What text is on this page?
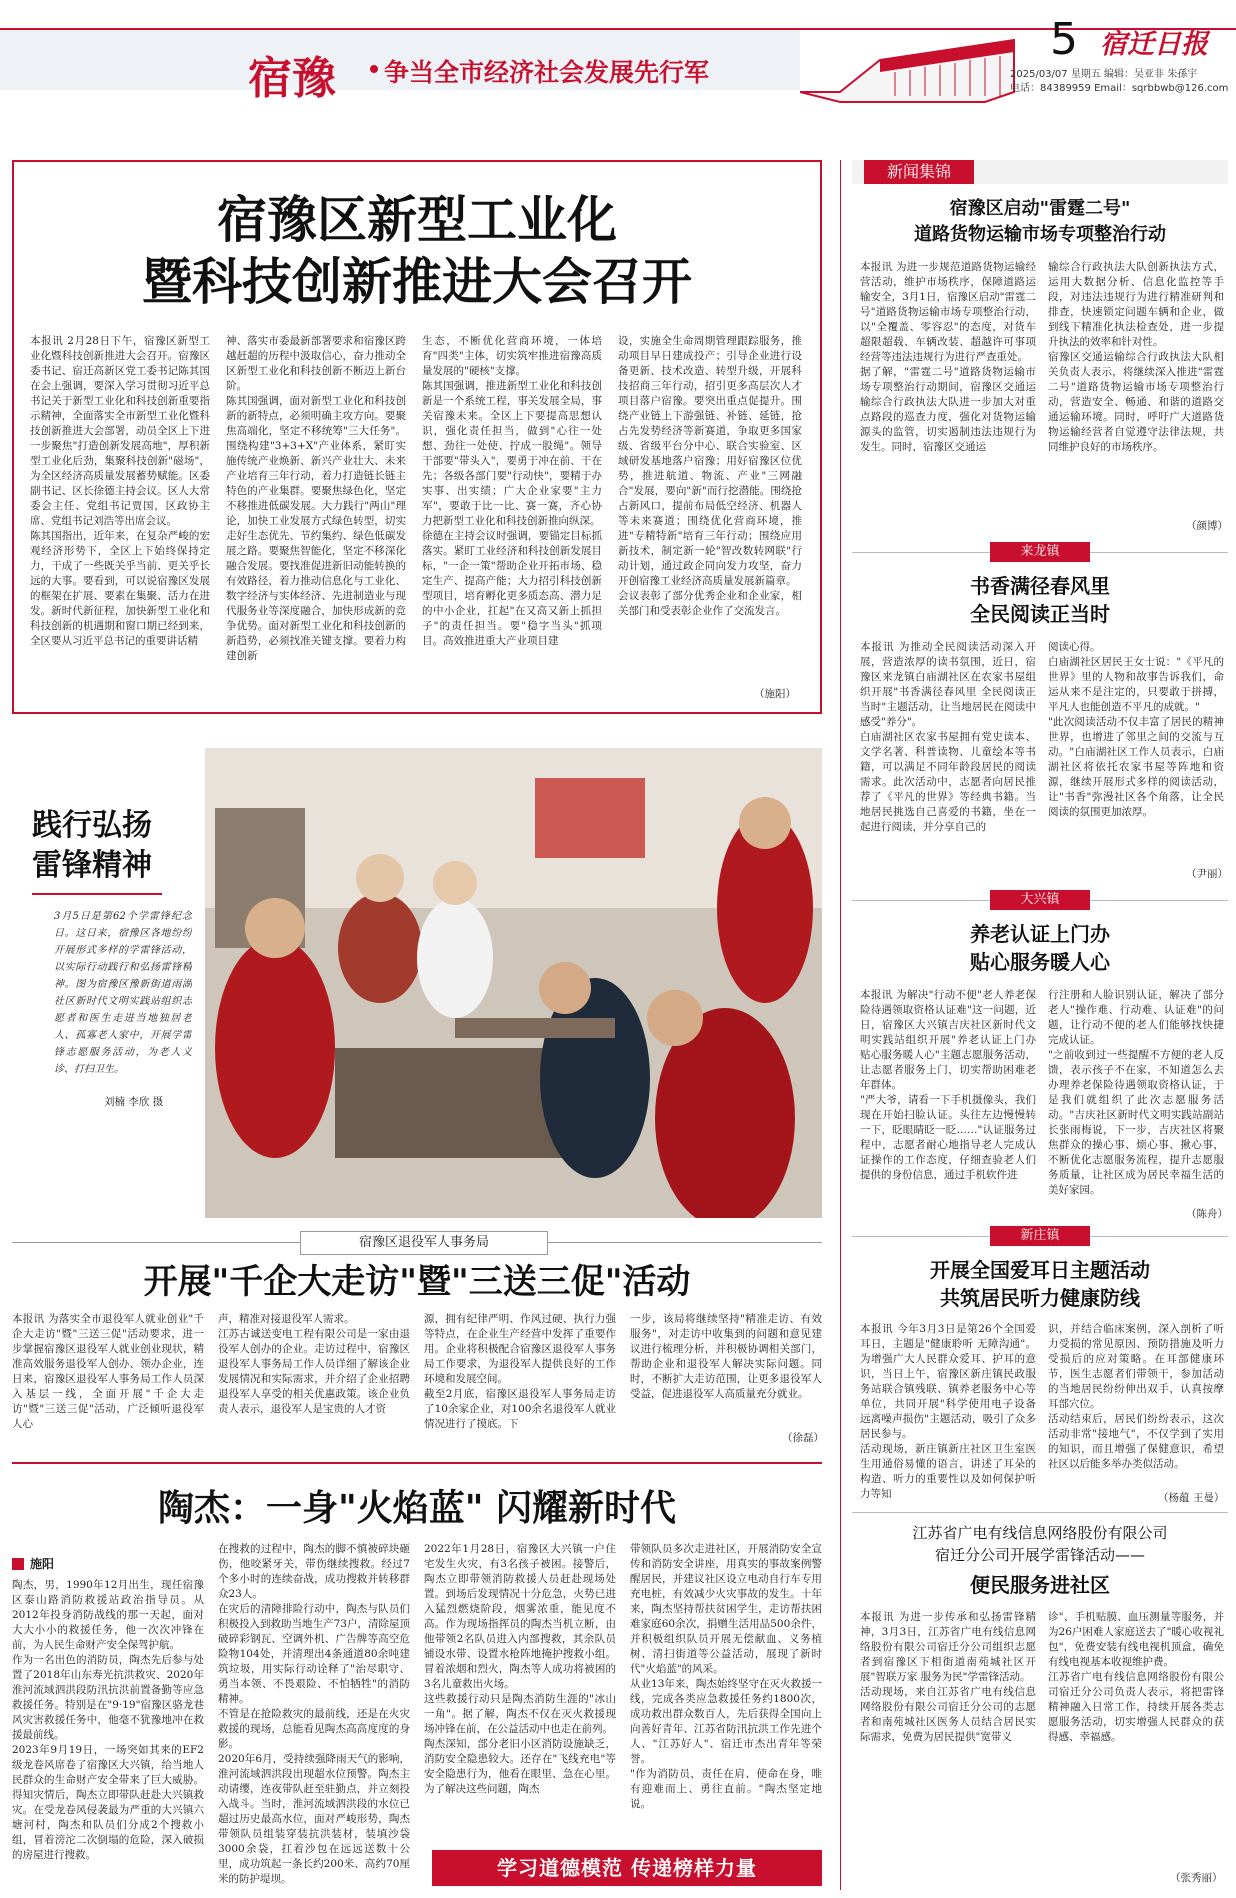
宿豫 争当全市经济社会发展先行军
5 宿迁日报
2025/03/07 星期五 编辑：吴亚非 朱孫宇
电话：84389959 Email：sqrbbwb@126.com
宿豫区新型工业化
暨科技创新推进大会召开
本报讯 2月28日下午，宿豫区新型工业化暨科技创新推进大会召开。宿豫区委书记、宿迁高新区党工委书记陈其国在会上强调，要深入学习贯彻习近平总书记关于新型工业化和科技创新重要指示精神，全面落实全市新型工业化暨科技创新推进大会部署，动员全区上下进一步聚焦"打造创新发展高地"，厚积新型工业化后劲，集聚科技创新"磁场"，为全区经济高质量发展蓄势赋能。区委副书记、区长徐德主持会议。区人大常委会主任、党组书记贾国，区政协主席、党组书记刘浩等出席会议。
陈其国指出，近年来，在复杂严峻的宏观经济形势下，全区上下始终保持定力，干成了一些既关乎当前、更关乎长远的大事。要看到，可以说宿豫区发展的框架在扩展、要素在集聚、活力在进发。新时代新征程，加快新型工业化和科技创新的机遇期和窗口期已经到来，全区要从习近平总书记的重要讲话精
神、落实市委最新部署要求和宿豫区跨越赶超的历程中汲取信心，奋力推动全区新型工业化和科技创新不断迈上新台阶。
陈其国强调，面对新型工业化和科技创新的新特点，必须明确主攻方向。要聚焦高端化，坚定不移统筹"三大任务"。围绕构建"3+3+X"产业体系，紧盯实施传统产业焕新、新兴产业壮大、未来产业培育三年行动，着力打造链长链主特色的产业集群。要聚焦绿色化，坚定不移推进低碳发展。大力践行"两山"理论，加快工业发展方式绿色转型，切实走好生态优先、节约集约、绿色低碳发展之路。要聚焦智能化，坚定不移深化融合发展。要找准促进新旧动能转换的有效路径，着力推动信息化与工业化、数字经济与实体经济、先进制造业与现代服务业等深度融合，加快形成新的竞争优势。面对新型工业化和科技创新的新趋势，必须找准关键支撑。要着力构建创新
生态，不断优化营商环境，一体培育"四类"主体，切实筑牢推进宿豫高质量发展的"硬核"支撑。
陈其国强调，推进新型工业化和科技创新是一个系统工程，事关发展全局，事关宿豫未来。全区上下要提高思想认识，强化责任担当，做到"心往一处想、劲往一处使、拧成一股绳"。领导干部要"带头入"，要勇于冲在前、干在先；各级各部门要"行动快"，要精于办实事、出实绩；广大企业家要"主力军"，要敢于比一比、赛一赛，齐心协力把新型工业化和科技创新推向纵深。
徐德在主持会议时强调，要锚定目标抓落实。紧盯工业经济和科技创新发展目标，"一企一策"帮助企业开拓市场、稳定生产、提高产能；大力招引科技创新型项目，培育孵化更多质态高、潜力足的中小企业，扛起"在又高又新上抓担子"的责任担当。要"稳字当头"抓项目。高效推进重大产业项目建
设，实施全生命周期管理跟踪服务，推动项目早日建成投产；引导企业进行设备更新、技术改造、转型升级，开展科技招商三年行动，招引更多高层次人才项目落户宿豫。要突出重点促提升。围绕产业链上下游强链、补链、延链，抢占先发势经济等新赛道，争取更多国家级、省级平台分中心、联合实验室、区域研发基地落户宿豫；用好宿豫区位优势，推进航道、物流、产业"三网融合"发展，要向"新"而行挖潜能。围绕抢占新风口，提前布局低空经济、机器人等未来赛道；围绕优化营商环境，推进"专精特新"培育三年行动；围绕应用新技术，制定新一轮"智改数转网联"行动计划，通过政企同向发力攻坚，奋力开创宿豫工业经济高质量发展新篇章。
会议表彰了部分优秀企业和企业家，相关部门和受表彰企业作了交流发言。
（施阳）
践行弘扬
雷锋精神
3月5日是第62个学雷锋纪念日。这日来，宿豫区各地纷纷开展形式多样的学雷锋活动，以实际行动践行和弘扬雷锋精神。图为宿豫区豫新街道雨湖社区新时代文明实践站组织志愿者和医生走进当地独居老人、孤寡老人家中，开展学雷锋志愿服务活动，为老人义诊、打扫卫生。
刘楠 李欣 摄
宿豫区退役军人事务局
开展"千企大走访"暨"三送三促"活动
本报讯 为落实全市退役军人就业创业"千企大走访"暨"三送三促"活动要求，进一步掌握宿豫区退役军人就业创业现状，精准高效服务退役军人创办、领办企业，连日来，宿豫区退役军人事务局工作人员深入基层一线，全面开展"千企大走访"暨"三送三促"活动，广泛倾听退役军人心
声，精准对接退役军人需求。
江苏古诚送变电工程有限公司是一家由退役军人创办的企业。走访过程中，宿豫区退役军人事务局工作人员详细了解该企业发展情况和实际需求，并介绍了企业招聘退役军人享受的相关优惠政策。该企业负责人表示，退役军人是宝贵的人才资
源，拥有纪律严明、作风过硬、执行力强等特点，在企业生产经营中发挥了重要作用。企业将积极配合宿豫区退役军人事务局工作要求，为退役军人提供良好的工作环境和发展空间。
截至2月底，宿豫区退役军人事务局走访了10余家企业，对100余名退役军人就业情况进行了摸底。下
一步，该局将继续坚持"精准走访、有效服务"，对走访中收集到的问题和意见建议进行梳理分析，并积极协调相关部门，帮助企业和退役军人解决实际问题。同时，不断扩大走访范围，让更多退役军人受益，促进退役军人高质量充分就业。
（徐磊）
陶杰：一身"火焰蓝" 闪耀新时代
施阳
陶杰，男，1990年12月出生，现任宿豫区泰山路消防救援站政治指导员。从2012年投身消防战线的那一天起，面对大大小小的救援任务，他一次次冲锋在前，为人民生命财产安全保驾护航。
作为一名出色的消防员，陶杰先后参与处置了2018年山东寿光抗洪救灾、2020年淮河流域泗洪段防汛抗洪前置备勤等应急救援任务。特别是在"9·19"宿豫区骆龙巷风灾害救援任务中，他毫不犹豫地冲在救援最前线。
2023年9月19日，一场突如其来的EF2级龙卷风席卷了宿豫区大兴镇，给当地人民群众的生命财产安全带来了巨大威胁。得知灾情后，陶杰立即带队赶赴大兴镇救灾。在受龙卷风侵袭最为严重的大兴镇六塘河村，陶杰和队员们分成2个搜救小组，冒着滂沱二次倒塌的危险，深入破损的房屋进行搜救。
在搜救的过程中，陶杰的脚不慎被碎块砸伤，他咬紧牙关，带伤继续搜救。经过7个多小时的连续奋战，成功搜救并转移群众23人。
在灾后的清障排险行动中，陶杰与队员们积极投入到救助当地生产73户，清除屋顶破碎彩钢瓦、空调外机、广告牌等高空危险物104处，并清理出4条通道80余吨建筑垃圾，用实际行动诠释了"治尽职守、勇当本领、不畏艰险、不怕牺牲"的消防精神。
不管是在抢险救灾的最前线，还是在火灾救援的现场，总能看见陶杰高高度度的身影。
2020年6月，受持续强降雨天气的影响，淮河流域泗洪段出现超水位预警。陶杰主动请缨，连夜带队赶至驻勤点，并立刻投入战斗。当时，淮河流域泗洪段的水位已超过历史最高水位，面对严峻形势，陶杰带领队员组装穿装抗洪装材，装填沙袋3000余袋，扛着沙包在远远送数十公里，成功筑起一条长约200米、高约70厘米的防护堤坝。
2022年1月28日，宿豫区大兴镇一户住宅发生火灾，有3名孩子被困。接警后，陶杰立即带领消防救援人员赶赴现场处置。到场后发现情况十分危急，火势已进入猛烈燃烧阶段，烟雾浓重，能见度不高。作为现场指挥员的陶杰当机立断，由他带领2名队员进入内部搜救，其余队员铺设水带、设置水枪阵地掩护搜救小组。冒着浓烟和烈火，陶杰等人成功将被困的3名儿童救出火场。
这些救援行动只是陶杰消防生涯的"冰山一角"。据了解，陶杰不仅在灭火救援现场冲锋在前，在公益活动中也走在前列。
陶杰深知，部分老旧小区消防设施缺乏，消防安全隐患较大。还存在"飞线充电"等安全隐患行为，他看在眼里、急在心里。为了解决这些问题，陶杰
带领队员多次走进社区，开展消防安全宣传和消防安全讲座，用真实的事故案例警醒居民，并建议社区设立电动自行车专用充电桩，有效减少火灾事故的发生。十年来，陶杰坚持帮扶贫困学生，走访帮扶困难家庭60余次，捐赠生活用品500余件，并积极组织队员开展无偿献血、义务植树、清扫街道等公益活动，展现了新时代"火焰蓝"的风采。
从业13年来，陶杰始终坚守在灭火救援一线，完成各类应急救援任务约1800次，成功救出群众数百人，先后获得全国向上向善好青年、江苏省防汛抗洪工作先进个人、"江苏好人"、宿迁市杰出青年等荣誉。
"作为消防员，责任在肩、使命在身，唯有迎难而上、勇往直前。"陶杰坚定地说。
学习道德模范 传递榜样力量
新闻集锦
宿豫区启动"雷霆二号"
道路货物运输市场专项整治行动
本报讯 为进一步规范道路货物运输经营活动，维护市场秩序，保障道路运输安全，3月1日，宿豫区启动"雷霆二号"道路货物运输市场专项整治行动，以"全覆盖、零容忍"的态度，对货车超限超载、车辆改装、超越许可事项经营等违法违规行为进行严查重处。
据了解，"雷霆二号"道路货物运输市场专项整治行动期间，宿豫区交通运输综合行政执法大队进一步加大对重点路段的巡查力度，强化对货物运输源头的监管，切实遏制违法违规行为发生。同时，宿豫区交通运
输综合行政执法大队创新执法方式，运用大数据分析、信息化监控等手段，对违法违规行为进行精准研判和排查，快速锁定问题车辆和企业，做到线下精准化执法检查处，进一步提升执法的效率和针对性。
宿豫区交通运输综合行政执法大队相关负责人表示，将继续深入推进"雷霆二号"道路货物运输市场专项整治行动，营造安全、畅通、和谐的道路交通运输环境。同时，呼吁广大道路货物运输经营者自觉遵守法律法规，共同维护良好的市场秩序。
（颜博）
来龙镇
书香满径春风里
全民阅读正当时
本报讯 为推动全民阅读活动深入开展，营造浓厚的读书氛围，近日，宿豫区来龙镇白庙湖社区在农家书屋组织开展"书香满径春风里 全民阅读正当时"主题活动，让当地居民在阅读中感受"养分"。
白庙湖社区农家书屋拥有党史读本、文学名著、科普读物、儿童绘本等书籍，可以满足不同年龄段居民的阅读需求。此次活动中，志愿者向居民推荐了《平凡的世界》等经典书籍。当地居民挑选自己喜爱的书籍，坐在一起进行阅读，并分享自己的
阅读心得。
白庙湖社区居民王女士说："《平凡的世界》里的人物和故事告诉我们，命运从来不是注定的，只要敢于拼搏，平凡人也能创造不平凡的成就。"
"此次阅读活动不仅丰富了居民的精神世界，也增进了邻里之间的交流与互动。"白庙湖社区工作人员表示，白庙湖社区将依托农家书屋等阵地和资源，继续开展形式多样的阅读活动，让"书香"弥漫社区各个角落，让全民阅读的氛围更加浓厚。
（尹丽）
大兴镇
养老认证上门办
贴心服务暖人心
本报讯 为解决"行动不便"老人养老保险待遇领取资格认证难"这一问题，近日，宿豫区大兴镇吉庆社区新时代文明实践站组织开展"养老认证上门办 贴心服务暖人心"主题志愿服务活动，让志愿者服务上门，切实帮助困难老年群体。
"严大爷，请看一下手机摄像头，我们现在开始扫脸认证。头往左边慢慢转一下，眨眼睛眨一眨……"认证服务过程中，志愿者耐心地指导老人完成认证操作的工作态度，仔细查验老人们提供的身份信息，通过手机软件进
行注册和人脸识别认证，解决了部分老人"操作难、行动难、认证难"的问题，让行动不便的老人们能够找快捷完成认证。
"之前收到过一些提醒不方便的老人反馈，表示孩子不在家，不知道怎么去办理养老保险待遇领取资格认证，于是我们就组织了此次志愿服务活动。"吉庆社区新时代文明实践站副站长张雨梅说，下一步，吉庆社区将聚焦群众的操心事、烦心事、揪心事，不断优化志愿服务流程，提升志愿服务质量，让社区成为居民幸福生活的美好家园。
（陈舟）
新庄镇
开展全国爱耳日主题活动
共筑居民听力健康防线
本报讯 今年3月3日是第26个全国爱耳日，主题是"健康聆听 无障沟通"。为增强广大人民群众爱耳、护耳的意识，当日上午，宿豫区新庄镇民政服务站联合镇残联、镇养老服务中心等单位，共同开展"科学使用电子设备 远离噪声损伤"主题活动，吸引了众多居民参与。
活动现场，新庄镇新庄社区卫生室医生用通俗易懂的语言，讲述了耳朵的构造、听力的重要性以及如何保护听力等知
识，并结合临床案例，深入剖析了听力受损的常见原因、预防措施及听力受损后的应对策略。在耳部健康环节，医生志愿者们带领干，参加活动的当地居民纷纷伸出双手，认真按摩耳部穴位。
活动结束后，居民们纷纷表示，这次活动非常"接地气"，不仅学到了实用的知识，而且增强了保健意识，希望社区以后能多举办类似活动。
（杨蕴 王曼）
江苏省广电有线信息网络股份有限公司
宿迁分公司开展学雷锋活动——
便民服务进社区
本报讯 为进一步传承和弘扬雷锋精神，3月3日，江苏省广电有线信息网络股份有限公司宿迁分公司组织志愿者到宿豫区下相街道南苑城社区开展"智联万家 服务为民"学雷锋活动。
活动现场，来自江苏省广电有线信息网络股份有限公司宿迁分公司的志愿者和南苑城社区医务人员结合居民实际需求，免费为居民提供"宽带义
诊"、手机贴膜、血压测量等服务，并为26户困难人家庭送去了"暖心收视礼包"，免费安装有线电视机顶盒，确免有线电视基本收视维护费。
江苏省广电有线信息网络股份有限公司宿迁分公司负责人表示，将把雷锋精神融入日常工作，持续开展各类志愿服务活动，切实增强人民群众的获得感、幸福感。
（张秀丽）
